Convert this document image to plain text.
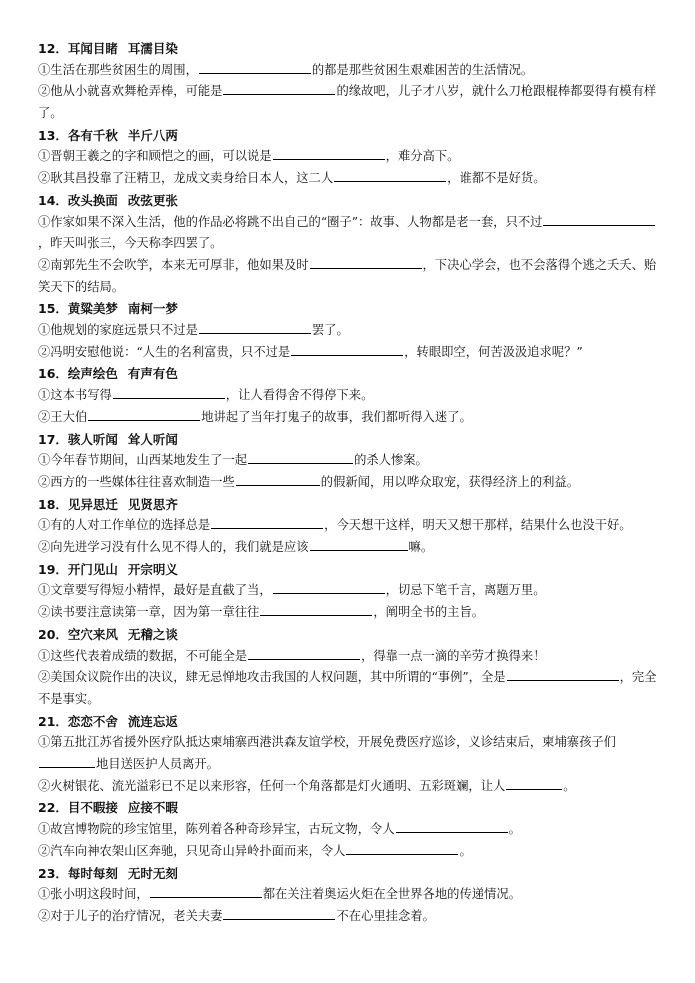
12．耳闻目睹 耳濡目染
①生活在那些贫困生的周围，	的都是那些贫困生艰难困苦的生活情况。
②他从小就喜欢舞枪弄棒，可能是	的缘故吧，儿子才八岁，就什么刀枪跟棍棒都耍得有模有样了。
13．各有千秋 半斤八两
①晋朝王羲之的字和顾恺之的画，可以说是	，难分高下。
②耿其昌投靠了汪精卫，龙成文卖身给日本人，这二人	，谁都不是好货。
14．改头换面 改弦更张
①作家如果不深入生活，他的作品必将跳不出自己的“圈子”：故事、人物都是老一套，只不过，昨天叫张三，今天称李四罢了。
②南郭先生不会吹竽，本来无可厚非，他如果及时	，下决心学会，也不会落得个逃之夭夭、贻笑天下的结局。
15．黄粱美梦 南柯一梦
①他规划的家庭远景只不过是	罢了。
②冯明安慰他说：“人生的名利富贵，只不过是	，转眼即空，何苦汲汲追求呢？”
16．绘声绘色 有声有色
①这本书写得	，让人看得舍不得停下来。
②王大伯	地讲起了当年打鬼子的故事，我们都听得入迷了。
17．骇人听闻 耸人听闻
①今年春节期间，山西某地发生了一起	的杀人惨案。
②西方的一些媒体往往喜欢制造一些	的假新闻，用以哗众取宠，获得经济上的利益。
18．见异思迁 见贤思齐
①有的人对工作单位的选择总是	，今天想干这样，明天又想干那样，结果什么也没干好。
②向先进学习没有什么见不得人的，我们就是应该	嘛。
19．开门见山 开宗明义
①文章要写得短小精悍，最好是直截了当，	，切忌下笔千言，离题万里。
②读书要注意读第一章，因为第一章往往	，阐明全书的主旨。
20．空穴来风 无稽之谈
①这些代表着成绩的数据，不可能全是	，得靠一点一滴的辛劳才换得来！
②美国众议院作出的决议，肆无忌惮地攻击我国的人权问题，其中所谓的“事例”，全是	，完全不是事实。
21．恋恋不舍 流连忘返
①第五批江苏省援外医疗队抵达柬埔寨西港洪森友谊学校，开展免费医疗巡诊，义诊结束后，柬埔寨孩子们地目送医护人员离开。
②火树银花、流光溢彩已不足以来形容，任何一个角落都是灯火通明、五彩斑斓，让人	。
22．目不暇接 应接不暇
①故宫博物院的珍宝馆里，陈列着各种奇珍异宝，古玩文物，令人	。
②汽车向神农架山区奔驰，只见奇山异岭扑面而来，令人	。
23．每时每刻 无时无刻
①张小明这段时间，	都在关注着奥运火炬在全世界各地的传递情况。
②对于儿子的治疗情况，老关夫妻	不在心里挂念着。
